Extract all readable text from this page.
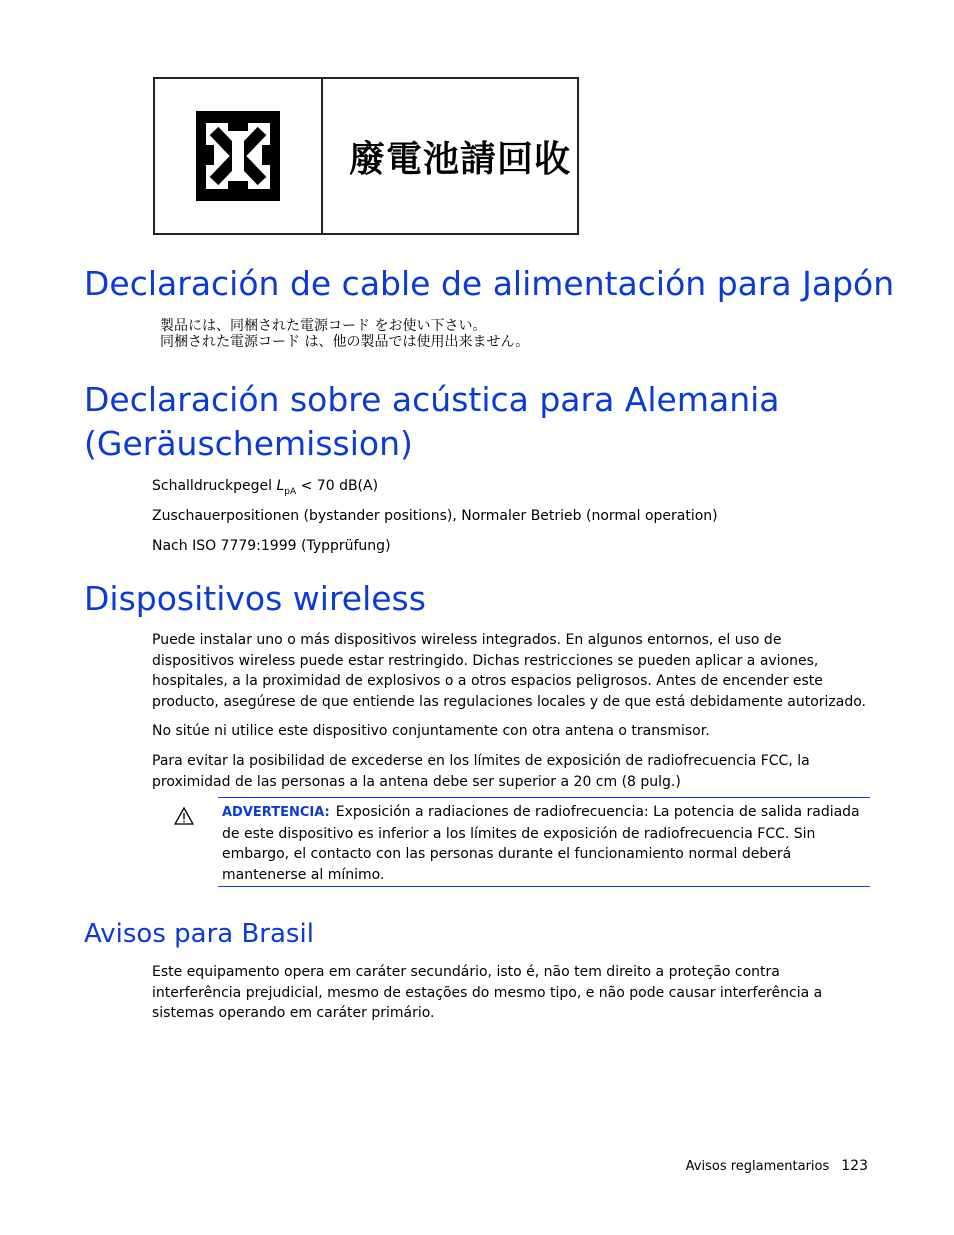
廢電池請回收
Declaración de cable de alimentación para Japón
製品には、同梱された電源コード をお使い下さい。
同梱された電源コード は、他の製品では使用出来ません。
Declaración sobre acústica para Alemania
(Geräuschemission)

Schalldruckpegel $L_{pA} < 70$ dB(A)

Zuschauerpositionen (bystander positions), Normaler Betrieb (normal operation)

Nach ISO 7779:1999 (Typprüfung)

Dispositivos wireless

Puede instalar uno o más dispositivos wireless integrados. En algunos entornos, el uso de dispositivos wireless puede estar restringido. Dichas restricciones se pueden aplicar a aviones, hospitales, a la proximidad de explosivos o a otros espacios peligrosos. Antes de encender este producto, asegúrese de que entiende las regulaciones locales y de que está debidamente autorizado.

No sitúe ni utilice este dispositivo conjuntamente con otra antena o transmisor.

Para evitar la posibilidad de excederse en los límites de exposición de radiofrecuencia FCC, la proximidad de las personas a la antena debe ser superior a 20 cm (8 pulg.)

ADVERTENCIA: Exposición a radiaciones de radiofrecuencia: La potencia de salida radiada de este dispositivo es inferior a los límites de exposición de radiofrecuencia FCC. Sin embargo, el contacto con las personas durante el funcionamiento normal deberá mantenerse al mínimo.
Avisos para Brasil

Este equipamento opera em caráter secundário, isto é, não tem direito a proteção contra interferência prejudicial, mesmo de estações do mesmo tipo, e não pode causar interferência a sistemas operando em caráter primário.

Avisos reglamentarios 123
